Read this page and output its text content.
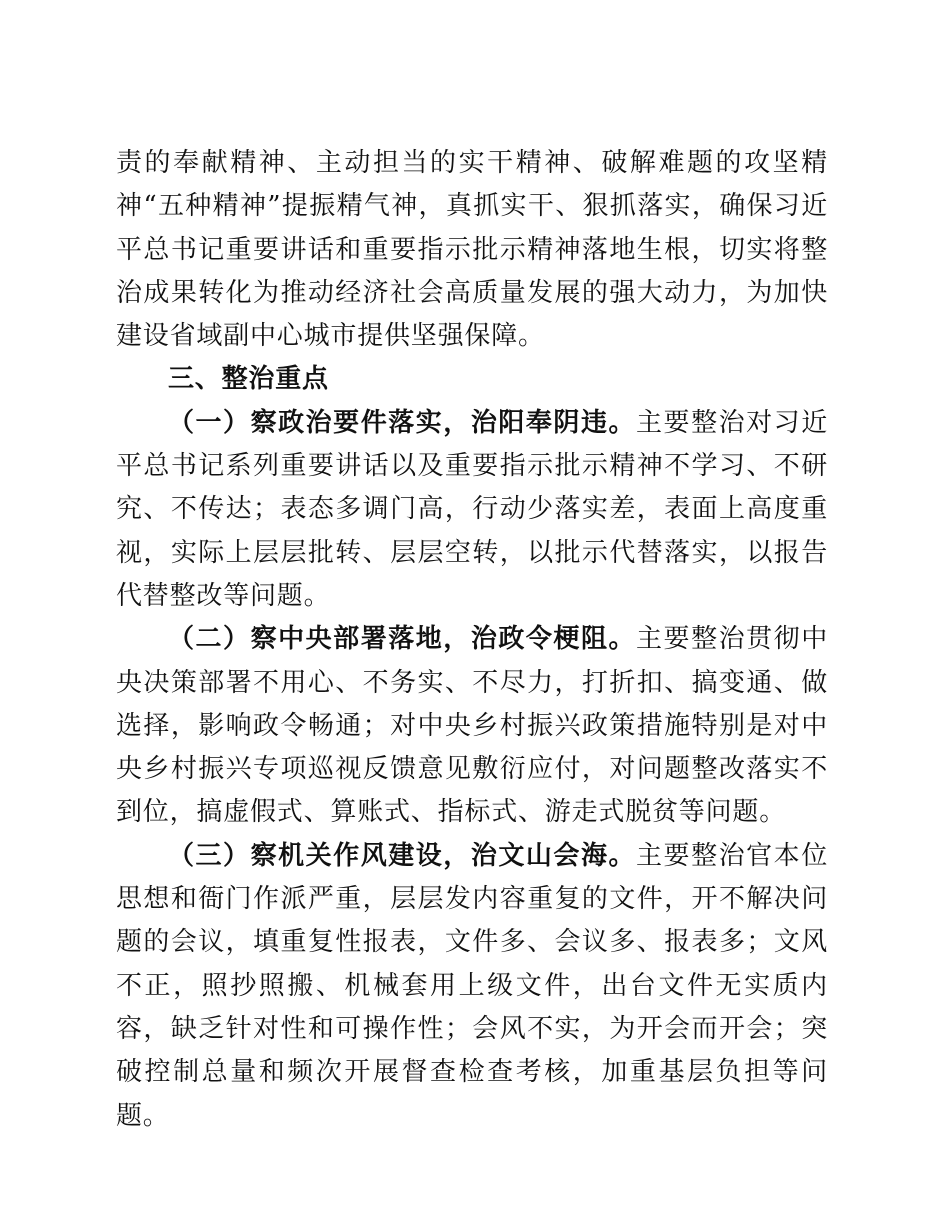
责的奉献精神、主动担当的实干精神、破解难题的攻坚精神“五种精神”提振精气神，真抓实干、狠抓落实，确保习近平总书记重要讲话和重要指示批示精神落地生根，切实将整治成果转化为推动经济社会高质量发展的强大动力，为加快建设省域副中心城市提供坚强保障。

三、整治重点

（一）察政治要件落实，治阳奉阴违。主要整治对习近平总书记系列重要讲话以及重要指示批示精神不学习、不研究、不传达；表态多调门高，行动少落实差，表面上高度重视，实际上层层批转、层层空转，以批示代替落实，以报告代替整改等问题。

（二）察中央部署落地，治政令梗阻。主要整治贯彻中央决策部署不用心、不务实、不尽力，打折扣、搞变通、做选择，影响政令畅通；对中央乡村振兴政策措施特别是对中央乡村振兴专项巡视反馈意见敷衍应付，对问题整改落实不到位，搞虚假式、算账式、指标式、游走式脱贫等问题。

（三）察机关作风建设，治文山会海。主要整治官本位思想和衙门作派严重，层层发内容重复的文件，开不解决问题的会议，填重复性报表，文件多、会议多、报表多；文风不正，照抄照搬、机械套用上级文件，出台文件无实质内容，缺乏针对性和可操作性；会风不实，为开会而开会；突破控制总量和频次开展督查检查考核，加重基层负担等问题。
